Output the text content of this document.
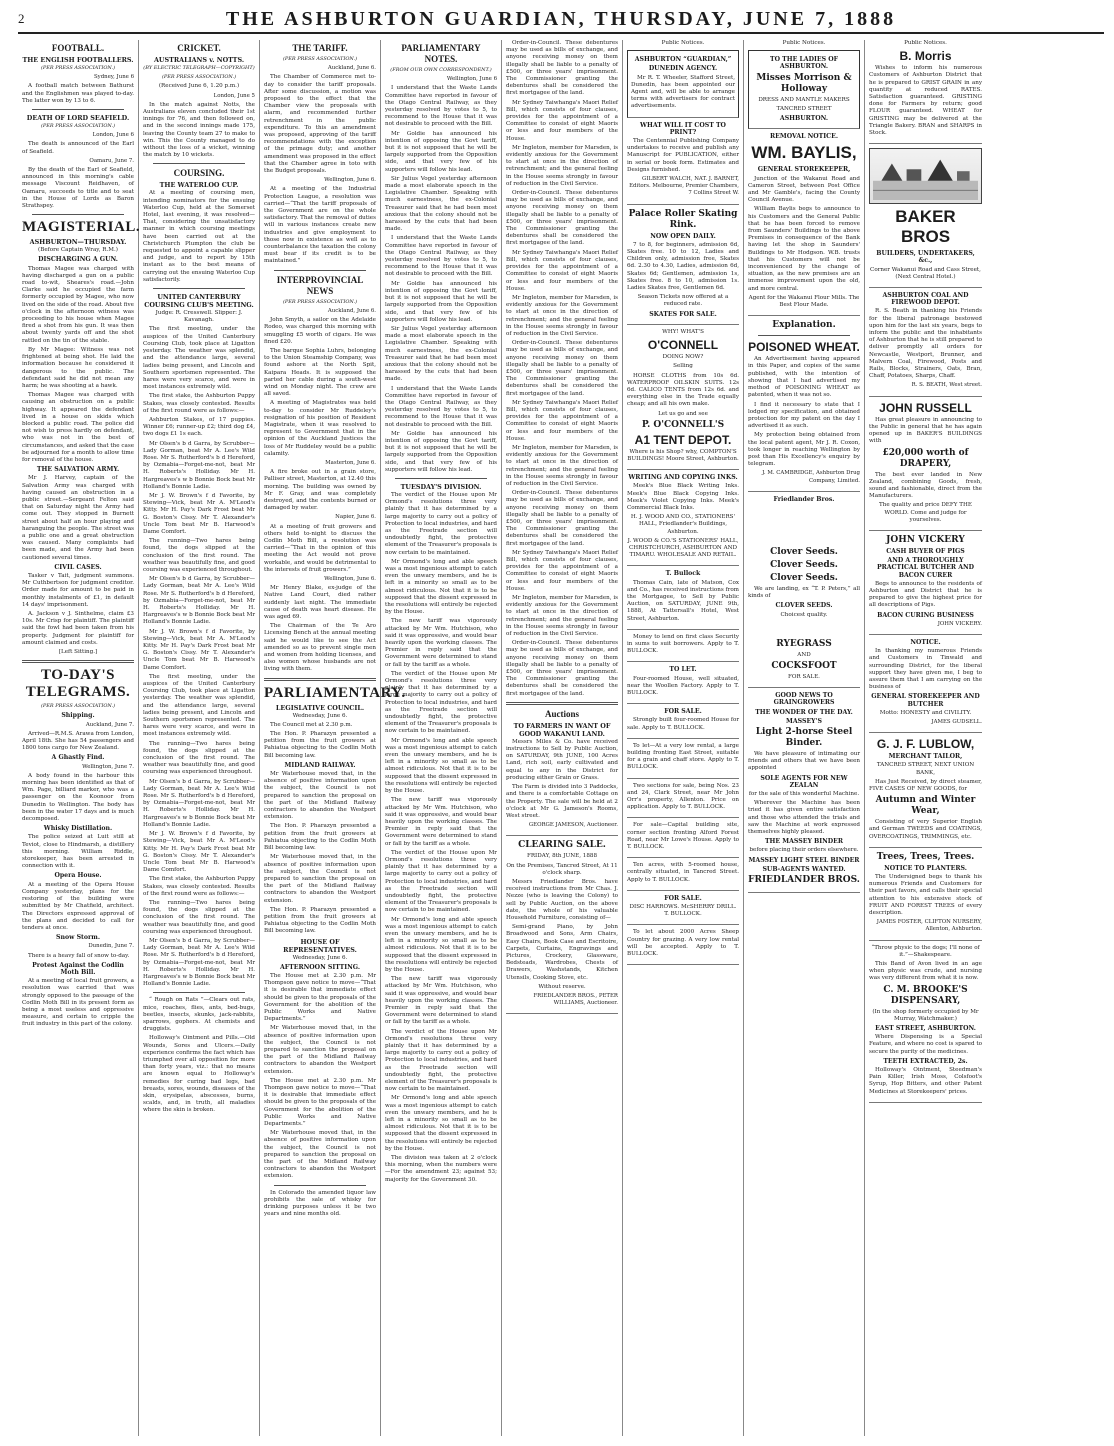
2	THE ASHBURTON GUARDIAN, THURSDAY, JUNE 7, 1888
FOOTBALL.
THE ENGLISH FOOTBALLERS.
(PER PRESS ASSOCIATION.)

Sydney, June 6

A football match between Bathurst and the Englishmen was played to-day. The latter won by 13 to 6.

DEATH OF LORD SEAFIELD.
(PER PRESS ASSOCIATION.)

London, June 6

The death is announced of the Earl of Seafield.

Oamaru, June 7.

By the death of the Earl of Seafield, announced in this morning's cable message Viscount Reidhaven, of Oamaru, succeeds to title and to seat in the House of Lords as Baron Strathspey.

MAGISTERIAL.
ASHBURTON—THURSDAY.

(Before Captain Wray, R.M.)

DISCHARGING A GUN.

Thomas Magee was charged with having discharged a gun on a public road to-wit, Sheares's road.—John Clarke said he occupied the farm formerly occupied by Magee, who now lived on the side of the road. About five o'clock in the afternoon witness was proceeding to his house when Magee fired a shot from his gun. It was then about twenty yards off and the shot rattled on the tin of the stable.

By Mr Magee: Witness was not frightened at being shot. He laid the information because he considered it dangerous to the public. The defendant said he did not mean any harm; he was shooting at a hawk.

Thomas Magee was charged with causing an obstruction on a public highway. It appeared the defendant lived in a house on skids which blocked a public road. The police did not wish to press hardly on defendant, who was not in the best of circumstances, and asked that the case be adjourned for a month to allow time for removal of the house.

THE SALVATION ARMY.

Mr J. Harvey, captain of the Salvation Army was charged with having caused an obstruction in a public street.—Sergeant Felton said that on Saturday night the Army had come out. They stopped in Burnett street about half an hour playing and haranguing the people. The street was a public one and a great obstruction was caused. Many complaints had been made, and the Army had been cautioned several times.

CIVIL CASES.

Tasker v Tait, judgment summons. Mr Cuthbertson for judgment creditor. Order made for amount to be paid in monthly instalments of £1, in default 14 days' imprisonment.

A. Jackson v J. Sinthelme, claim £3 10s. Mr Crisp for plaintiff. The plaintiff said the fowl had been taken from his property. Judgment for plaintiff for amount claimed and costs.

[Left Sitting.]

TO-DAY'S TELEGRAMS.
(PER PRESS ASSOCIATION.)
Shipping.

Auckland, June 7.

Arrived—R.M.S. Arawa from London, April 18th. She has 54 passengers and 1800 tons cargo for New Zealand.

A Ghastly Find.

Wellington, June 7.

A body found in the harbour this morning has been identified as that of Wm. Page, billiard marker, who was a passenger on the Koonoor from Dunedin to Wellington. The body has been in the water 17 days and is much decomposed.

Whisky Distillation.

The police seized at Luit still at Teviot, close to Hindmarsh, a distillery this morning. William Riddle, storekeeper, has been arrested in connection with it.

Opera House.

At a meeting of the Opera House Company yesterday, plans for the restoring of the building were submitted by Mr Chatfield, architect. The Directors expressed approval of the plans and decided to call for tenders at once.

Snow Storm.

Dunedin, June 7.

There is a heavy fall of snow to-day.

Protest Against the Codlin Moth Bill.

At a meeting of local fruit growers, a resolution was carried that was strongly opposed to the passage of the Codlin Moth Bill in its present form as being a most useless and oppressive measure, and certain to cripple the fruit industry in this part of the colony.

CRICKET.
AUSTRALIANS v. NOTTS.
(BY ELECTRIC TELEGRAPH—COPYRIGHT)
(PER PRESS ASSOCIATION.)

(Received June 6, 1.20 p.m.)

London, June 5

In the match against Notts, the Australians eleven concluded their 1st innings for 76, and then followed on, and in the second innings made 175, leaving the County team 27 to make to win. This the County managed to do without the loss of a wicket, winning the match by 10 wickets.

COURSING.
THE WATERLOO CUP.

At a meeting of coursing men, intending nominators for the ensuing Waterloo Cup, held at the Somerset Hotel, last evening, it was resolved—That, considering the unsatisfactory manner in which coursing meetings have been carried out at the Christchurch Plumpton the club be requested to appoint a capable slipper and judge, and to report by 15th instant as to the best means of carrying out the ensuing Waterloo Cup satisfactorily.

UNITED CANTERBURY COURSING CLUB'S MEETING.

Judge: R. Cresswell. Slipper: J. Kavanagh.

The first meeting, under the auspices of the United Canterbury Coursing Club, took place at Ligatton yesterday. The weather was splendid, and the attendance large, several ladies being present, and Lincoln and Southern sportsmen represented. The hares were very scarce, and were in most instances extremely wild.

The first stake, the Ashburton Puppy Stakes, was closely contested. Results of the first round were as follows:—

Ashburton Stakes, of 17 puppies. Winner £6; runner-up £2; third dog £4, two dogs £1 1s each.

Mr Olsen's b d Garra, by Scrubber—Lady Gorman, beat Mr A. Lee's Wild Rose. Mr S. Rutherford's b d Hereford, by Ozmabia—Forget-me-not, beat Mr H. Roberts's Holliday. Mr H. Hargreaves's w b Bonnie Bock beat Mr Holland's Bonnie Ladie.

Mr J. W. Brown's f d Favorite, by Stewing—Vick, beat Mr A. M'Leod's Kitty. Mr H. Pay's Dark Frost beat Mr G. Boston's Cissy. Mr T. Alexander's Uncle Tom beat Mr B. Harwood's Dame Comfort.

The running—Two hares being found, the dogs slipped at the conclusion of the first round. The weather was beautifully fine, and good coursing was experienced throughout.

Mr Olsen's b d Garra, by Scrubber—Lady Gorman, beat Mr A. Lee's Wild Rose. Mr S. Rutherford's b d Hereford, by Ozmabia—Forget-me-not, beat Mr H. Roberts's Holliday. Mr H. Hargreaves's w b Bonnie Bock beat Mr Holland's Bonnie Ladie.

Mr J. W. Brown's f d Favorite, by Stewing—Vick, beat Mr A. M'Leod's Kitty. Mr H. Pay's Dark Frost beat Mr G. Boston's Cissy. Mr T. Alexander's Uncle Tom beat Mr B. Harwood's Dame Comfort.

The first meeting, under the auspices of the United Canterbury Coursing Club, took place at Ligatton yesterday. The weather was splendid, and the attendance large, several ladies being present, and Lincoln and Southern sportsmen represented. The hares were very scarce, and were in most instances extremely wild.

The running—Two hares being found, the dogs slipped at the conclusion of the first round. The weather was beautifully fine, and good coursing was experienced throughout.

Mr Olsen's b d Garra, by Scrubber—Lady Gorman, beat Mr A. Lee's Wild Rose. Mr S. Rutherford's b d Hereford, by Ozmabia—Forget-me-not, beat Mr H. Roberts's Holliday. Mr H. Hargreaves's w b Bonnie Bock beat Mr Holland's Bonnie Ladie.

Mr J. W. Brown's f d Favorite, by Stewing—Vick, beat Mr A. M'Leod's Kitty. Mr H. Pay's Dark Frost beat Mr G. Boston's Cissy. Mr T. Alexander's Uncle Tom beat Mr B. Harwood's Dame Comfort.

The first stake, the Ashburton Puppy Stakes, was closely contested. Results of the first round were as follows:—

The running—Two hares being found, the dogs slipped at the conclusion of the first round. The weather was beautifully fine, and good coursing was experienced throughout.

Mr Olsen's b d Garra, by Scrubber—Lady Gorman, beat Mr A. Lee's Wild Rose. Mr S. Rutherford's b d Hereford, by Ozmabia—Forget-me-not, beat Mr H. Roberts's Holliday. Mr H. Hargreaves's w b Bonnie Bock beat Mr Holland's Bonnie Ladie.

“ Rough on Rats ”—Clears out rats, mice, roaches, flies, ants, bed-bugs, beetles, insects, skunks, jack-rabbits, sparrows, gophers. At chemists and druggists.

Holloway's Ointment and Pills.—Old Wounds, Sores and Ulcers.—Daily experience confirms the fact which has triumphed over all opposition for more than forty years, viz.: that no means are known equal to Holloway's remedies for curing bad legs, bad breasts, sores, wounds, diseases of the skin, erysipelas, abscesses, burns, scalds, and, in truth, all maladies where the skin is broken.

THE TARIFF.
(PER PRESS ASSOCIATION.)

Auckland, June 6.

The Chamber of Commerce met to-day to consider the tariff proposals. After some discussion, a motion was proposed to the effect that the Chamber view the proposals with alarm, and recommended further retrenchment in the public expenditure. To this an amendment was proposed, approving of the tariff recommendations with the exception of the primage duty; and another amendment was proposed in the effect that the Chamber agree in toto with the Budget proposals.

Wellington, June 6.

At a meeting of the Industrial Protection League, a resolution was carried—“That the tariff proposals of the Government are on the whole satisfactory. That the removal of duties will in various instances create new industries and give employment to those now in existence as well as to counterbalance the taxation the colony must bear if its credit is to be maintained.”

INTERPROVINCIAL NEWS
(PER PRESS ASSOCIATION.)

Auckland, June 6.

John Smyth, a sailor on the Adelaide Rodeo, was charged this morning with smuggling £5 worth of cigars. He was fined £20.

The barque Sophia Luhrs, belonging to the Union Steamship Company, was found ashore at the North Spit, Kaipara Heads. It is supposed the parted her cable during a south-west wind on Monday night. The crew are all saved.

A meeting of Magistrates was held to-day to consider Mr Ruddeley's resignation of his position of Resident Magistrate, when it was resolved to represent to Government that in the opinion of the Auckland Justices the loss of Mr Ruddeley would be a public calamity.

Masterton, June 6.

A fire broke out in a grain store, Palliser street, Masterton, at 12.40 this morning. The building was owned by Mr F. Gray, and was completely destroyed, and the contents burned or damaged by water.

Napier, June 6.

At a meeting of fruit growers and others held to-night to discuss the Codlin Moth Bill, a resolution was carried—“That in the opinion of this meeting the Act would not prove workable, and would be detrimental to the interests of fruit growers.”

Wellington, June 6.

Mr Henry Blake, ex-judge of the Native Land Court, died rather suddenly last night. The immediate cause of death was heart disease. He was aged 69.

The Chairman of the Te Aro Licensing Bench at the annual meeting said he would like to see the Act amended so as to prevent single men and women from holding licenses, and also women whose husbands are not living with them.

PARLIAMENTARY.
LEGISLATIVE COUNCIL.

Wednesday, June 6.

The Council met at 2.30 p.m.

The Hon. P. Pharazyn presented a petition from the fruit growers at Pahiatua objecting to the Codlin Moth Bill becoming law.

MIDLAND RAILWAY.

Mr Waterhouse moved that, in the absence of positive information upon the subject, the Council is not prepared to sanction the proposal on the part of the Midland Railway contractors to abandon the Westport extension.

The Hon. P. Pharazyn presented a petition from the fruit growers at Pahiatua objecting to the Codlin Moth Bill becoming law.

Mr Waterhouse moved that, in the absence of positive information upon the subject, the Council is not prepared to sanction the proposal on the part of the Midland Railway contractors to abandon the Westport extension.

The Hon. P. Pharazyn presented a petition from the fruit growers at Pahiatua objecting to the Codlin Moth Bill becoming law.

HOUSE OF REPRESENTATIVES.

Wednesday, June 6.

AFTERNOON SITTING.

The House met at 2.30 p.m. Mr Thompson gave notice to move—“That it is desirable that immediate effect should be given to the proposals of the Government for the abolition of the Public Works and Native Departments.”

Mr Waterhouse moved that, in the absence of positive information upon the subject, the Council is not prepared to sanction the proposal on the part of the Midland Railway contractors to abandon the Westport extension.

The House met at 2.30 p.m. Mr Thompson gave notice to move—“That it is desirable that immediate effect should be given to the proposals of the Government for the abolition of the Public Works and Native Departments.”

Mr Waterhouse moved that, in the absence of positive information upon the subject, the Council is not prepared to sanction the proposal on the part of the Midland Railway contractors to abandon the Westport extension.

In Colorado the amended liquor law prohibits the sale of whisky for drinking purposes unless it be two years and nine months old.

PARLIAMENTARY NOTES.
(FROM OUR OWN CORRESPONDENT.)

Wellington, June 6

I understand that the Waste Lands Committee have reported in favour of the Otago Central Railway, as they yesterday resolved by votes to 5, to recommend to the House that it was not desirable to proceed with the Bill.

Mr Goldie has announced his intention of opposing the Govt tariff, but it is not supposed that he will be largely supported from the Opposition side, and that very few of his supporters will follow his lead.

Sir Julius Vogel yesterday afternoon made a most elaborate speech in the Legislative Chamber. Speaking with much earnestness, the ex-Colonial Treasurer said that he had been most anxious that the colony should not be harassed by the cuts that had been made.

I understand that the Waste Lands Committee have reported in favour of the Otago Central Railway, as they yesterday resolved by votes to 5, to recommend to the House that it was not desirable to proceed with the Bill.

Mr Goldie has announced his intention of opposing the Govt tariff, but it is not supposed that he will be largely supported from the Opposition side, and that very few of his supporters will follow his lead.

Sir Julius Vogel yesterday afternoon made a most elaborate speech in the Legislative Chamber. Speaking with much earnestness, the ex-Colonial Treasurer said that he had been most anxious that the colony should not be harassed by the cuts that had been made.

I understand that the Waste Lands Committee have reported in favour of the Otago Central Railway, as they yesterday resolved by votes to 5, to recommend to the House that it was not desirable to proceed with the Bill.

Mr Goldie has announced his intention of opposing the Govt tariff, but it is not supposed that he will be largely supported from the Opposition side, and that very few of his supporters will follow his lead.

TUESDAY'S DIVISION.

The verdict of the House upon Mr Ormond's resolutions three very plainly that it has determined by a large majority to carry out a policy of Protection to local industries, and hard as the Freetrade section will undoubtedly fight, the protective element of the Treasurer's proposals is now certain to be maintained.

Mr Ormond's long and able speech was a most ingenious attempt to catch even the unwary members, and he is left in a minority so small as to be almost ridiculous. Not that it is to be supposed that the dissent expressed in the resolutions will entirely be rejected by the House.

The new tariff was vigorously attacked by Mr Wm. Hutchison, who said it was oppressive, and would bear heavily upon the working classes. The Premier in reply said that the Government were determined to stand or fall by the tariff as a whole.

The verdict of the House upon Mr Ormond's resolutions three very plainly that it has determined by a large majority to carry out a policy of Protection to local industries, and hard as the Freetrade section will undoubtedly fight, the protective element of the Treasurer's proposals is now certain to be maintained.

Mr Ormond's long and able speech was a most ingenious attempt to catch even the unwary members, and he is left in a minority so small as to be almost ridiculous. Not that it is to be supposed that the dissent expressed in the resolutions will entirely be rejected by the House.

The new tariff was vigorously attacked by Mr Wm. Hutchison, who said it was oppressive, and would bear heavily upon the working classes. The Premier in reply said that the Government were determined to stand or fall by the tariff as a whole.

The verdict of the House upon Mr Ormond's resolutions three very plainly that it has determined by a large majority to carry out a policy of Protection to local industries, and hard as the Freetrade section will undoubtedly fight, the protective element of the Treasurer's proposals is now certain to be maintained.

Mr Ormond's long and able speech was a most ingenious attempt to catch even the unwary members, and he is left in a minority so small as to be almost ridiculous. Not that it is to be supposed that the dissent expressed in the resolutions will entirely be rejected by the House.

The new tariff was vigorously attacked by Mr Wm. Hutchison, who said it was oppressive, and would bear heavily upon the working classes. The Premier in reply said that the Government were determined to stand or fall by the tariff as a whole.

The verdict of the House upon Mr Ormond's resolutions three very plainly that it has determined by a large majority to carry out a policy of Protection to local industries, and hard as the Freetrade section will undoubtedly fight, the protective element of the Treasurer's proposals is now certain to be maintained.

Mr Ormond's long and able speech was a most ingenious attempt to catch even the unwary members, and he is left in a minority so small as to be almost ridiculous. Not that it is to be supposed that the dissent expressed in the resolutions will entirely be rejected by the House.

The division was taken at 2 o'clock this morning, when the numbers were—For the amendment 23; against 53; majority for the Government 30.

Order-in-Council. These debentures may be used as bills of exchange, and anyone receiving money on them illegally shall be liable to a penalty of £500, or three years' imprisonment. The Commissioner granting the debentures shall be considered the first mortgagee of the land.

Mr Sydney Taiwhanga's Maori Relief Bill, which consists of four clauses, provides for the appointment of a Committee to consist of eight Maoris or less and four members of the House.

Mr Ingleton, member for Marsden, is evidently anxious for the Government to start at once in the direction of retrenchment; and the general feeling in the House seems strongly in favour of reduction in the Civil Service.

Order-in-Council. These debentures may be used as bills of exchange, and anyone receiving money on them illegally shall be liable to a penalty of £500, or three years' imprisonment. The Commissioner granting the debentures shall be considered the first mortgagee of the land.

Mr Sydney Taiwhanga's Maori Relief Bill, which consists of four clauses, provides for the appointment of a Committee to consist of eight Maoris or less and four members of the House.

Mr Ingleton, member for Marsden, is evidently anxious for the Government to start at once in the direction of retrenchment; and the general feeling in the House seems strongly in favour of reduction in the Civil Service.

Order-in-Council. These debentures may be used as bills of exchange, and anyone receiving money on them illegally shall be liable to a penalty of £500, or three years' imprisonment. The Commissioner granting the debentures shall be considered the first mortgagee of the land.

Mr Sydney Taiwhanga's Maori Relief Bill, which consists of four clauses, provides for the appointment of a Committee to consist of eight Maoris or less and four members of the House.

Mr Ingleton, member for Marsden, is evidently anxious for the Government to start at once in the direction of retrenchment; and the general feeling in the House seems strongly in favour of reduction in the Civil Service.

Order-in-Council. These debentures may be used as bills of exchange, and anyone receiving money on them illegally shall be liable to a penalty of £500, or three years' imprisonment. The Commissioner granting the debentures shall be considered the first mortgagee of the land.

Mr Sydney Taiwhanga's Maori Relief Bill, which consists of four clauses, provides for the appointment of a Committee to consist of eight Maoris or less and four members of the House.

Mr Ingleton, member for Marsden, is evidently anxious for the Government to start at once in the direction of retrenchment; and the general feeling in the House seems strongly in favour of reduction in the Civil Service.

Order-in-Council. These debentures may be used as bills of exchange, and anyone receiving money on them illegally shall be liable to a penalty of £500, or three years' imprisonment. The Commissioner granting the debentures shall be considered the first mortgagee of the land.

Auctions
TO FARMERS IN WANT OF GOOD WAKANUI LAND.

Messrs Miles & Co. have received instructions to Sell by Public Auction, on SATURDAY, 9th JUNE, 100 Acres Land, rich soil, early cultivated and equal to any in the District for producing either Grain or Grass.

The Farm is divided into 3 Paddocks, and there is a comfortable Cottage on the Property. The sale will be held at 2 o'clock at Mr G. Jameson's Rooms, West street.

GEORGE JAMESON, Auctioneer.

CLEARING SALE.

FRIDAY, 8th JUNE, 1888

On the Premises, Tancred Street, At 11 o'clock sharp.

Messrs Friedlander Bros. have received instructions from Mr Chas. J. Nezze (who is leaving the Colony) to sell by Public Auction, on the above date, the whole of his valuable Household Furniture, consisting of—

Semi-grand Piano, by John Broadwood and Sons, Arm Chairs, Easy Chairs, Book Case and Escritoire, Carpets, Curtains, Engravings and Pictures, Crockery, Glassware, Bedsteads, Wardrobes, Chests of Drawers, Washstands, Kitchen Utensils, Cooking Stove, etc.

Without reserve.

FRIEDLANDER BROS., PETER WILLIAMS, Auctioneer.

Public Notices.

ASHBURTON “GUARDIAN,”
DUNEDIN AGENCY.

Mr R. T. Wheeler, Stafford Street, Dunedin, has been appointed our Agent and, will be able to arrange terms with advertisers for contract advertisements.

WHAT WILL IT COST TO PRINT?

The Centennial Publishing Company undertakes to receive and publish any Manuscript for PUBLICATION, either in serial or book form. Estimates and Designs furnished.

GILBERT WALCH, NAT. J. BARNET, Editors. Melbourne, Premier Chambers, 7 Collins Street W.

Palace Roller Skating Rink.
NOW OPEN DAILY.

7 to 8, for beginners, admission 6d, Skates free. 10 to 12, Ladies and Children only, admission free, Skates 6d. 2.30 to 4.30, Ladies, admission 6d, Skates 6d; Gentlemen, admission 1s, Skates free. 8 to 10, admission 1s. Ladies Skates free, Gentlemen 6d.

Season Tickets now offered at a reduced rate.

SKATES FOR SALE.

WHY! WHAT'S

O'CONNELL

DOING NOW?

Selling

HORSE CLOTHS from 10s 6d. WATERPROOF OILSKIN SUITS. 12s 6d. CALICO TENTS from 12s 6d. and everything else in the Trade equally cheap; and all his own make.

Let us go and see

P. O'CONNELL'S
A1 TENT DEPOT.

Where is his Shop? why, COMPTON'S BUILDINGS! Moore Street, Ashburton.

WRITING AND COPYING INKS.

Meek's Blue Black Writing Inks. Meek's Blue Black Copying Inks. Meek's Violet Copying Inks. Meek's Commercial Black Inks.

H. J. WOOD AND CO., STATIONERS' HALL, Friedlander's Buildings, Ashburton.

J. WOOD & CO.'S STATIONERS' HALL, CHRISTCHURCH, ASHBURTON AND TIMARU. WHOLESALE AND RETAIL.

T. Bullock

Thomas Cain, late of Matson, Cox and Co., has received instructions from the Mortgagee, to Sell by Public Auction, on SATURDAY, JUNE 9th, 1888, At Tattersall's Hotel, West Street, Ashburton.

Money to lend on first class Security in sums to suit borrowers. Apply to T. BULLOCK.

TO LET.

Four-roomed House, well situated, near the Woollen Factory. Apply to T. BULLOCK.

FOR SALE.

Strongly built four-roomed House for sale. Apply to T. BULLOCK.

To let—At a very low rental, a large building fronting East Street, suitable for a grain and chaff store. Apply to T. BULLOCK.

Two sections for sale, being Nos. 23 and 24, Clark Street, near Mr John Orr's property, Allenton. Price on application. Apply to T. BULLOCK.

For sale—Capital building site, corner section fronting Alford Forest Road, near Mr Lowe's House. Apply to T. BULLOCK.

Ten acres, with 5-roomed house, centrally situated, in Tancred Street. Apply to T. BULLOCK.

FOR SALE.

DISC HARROWS. McSHERRY DRILL. T. BULLOCK.

To let about 2000 Acres Sheep Country for grazing. A very low rental will be accepted. Apply to T. BULLOCK.

Public Notices.

TO THE LADIES OF ASHBURTON.
Misses Morrison & Holloway

DRESS AND MANTLE MAKERS

TANCRED STREET

ASHBURTON.
REMOVAL NOTICE.
WM. BAYLIS,
GENERAL STOREKEEPER,

Junction of the Wakanui Road and Cameron Street, between Post Office and Mr Gamble's, facing the County Council Avenue.

William Baylis begs to announce to his Customers and the General Public that he has been forced to remove from Saunders' Buildings to the above Premises in consequence of the Bank having let the shop in Saunders' Buildings to Mr Hodgson. W.B. trusts that his Customers will not be inconvenienced by the change of situation, as the new premises are an immense improvement upon the old, and more central.

Agent for the Wakanui Flour Mills. The Best Flour Made.

Explanation.
POISONED WHEAT.

An Advertisement having appeared in this Paper, and copies of the same published, with the intention of showing that I had advertised my method of POISONING WHEAT as patented, when it was not so.

I find it necessary to state that I lodged my specification, and obtained protection for my patent on the day I advertised it as such.

My protection being obtained from the local patent agent, Mr J. R. Coxon, took longer in reaching Wellington by post than His Excellency's enquiry by telegram.

J. M. CAMBRIDGE, Ashburton Drug Company, Limited.

Friedlander Bros.
Clover Seeds.
Clover Seeds.
Clover Seeds.

We are landing, ex “T. P. Peters,” all kinds of

CLOVER SEEDS.

Choicest quality.

RYEGRASS

AND

COCKSFOOT

FOR SALE.

GOOD NEWS TO GRAINGROWERS
THE WONDER OF THE DAY.
MASSEY'S
Light 2-horse Steel Binder.

We have pleasure of intimating our friends and others that we have been appointed

SOLE AGENTS FOR NEW ZEALAN

for the sale of this wonderful Machine.

Wherever the Machine has been tried it has given entire satisfaction and those who attended the trials and saw the Machine at work expressed themselves highly pleased.

THE MASSEY BINDER

before placing their orders elsewhere.

MASSEY LIGHT STEEL BINDER
SUB-AGENTS WANTED.
FRIEDLANDER BROS.

Public Notices.

B. Morris

Wishes to inform his numerous Customers of Ashburton District that he is prepared to GRIST GRAIN in any quantity at reduced RATES. Satisfaction guaranteed. GRISTING done for Farmers by return; good FLOUR guaranteed. WHEAT for GRISTING may be delivered at the Triangle Bakery. BRAN and SHARPS in Stock.

BAKER BROS
BUILDERS, UNDERTAKERS, &c.,

Corner Wakanui Road and Cass Street, (Next Central Hotel.)

ASHBURTON COAL AND FIREWOOD DEPOT.

R. S. Beath in thanking his Friends for the liberal patronage bestowed upon him for the last six years, begs to inform the public and the inhabitants of Ashburton that he is still prepared to deliver promptly all orders for Newcastle, Westport, Brunner, and Malvern Coal, Firewood, Posts and Rails, Blocks, Strainers, Oats, Bran, Chaff, Potatoes, Sharps, Chaff.

R. S. BEATH, West street.

JOHN RUSSELL

Has great pleasure in announcing to the Public in general that he has again opened up in BAKER'S BUILDINGS with

£20,000 worth of DRAPERY,

The best ever landed in New Zealand, combining Goods, fresh, sound and fashionable, direct from the Manufacturers.

The quality and price DEFY THE WORLD. Come and judge for yourselves.

JOHN VICKERY
CASH BUYER OF PIGS
AND A THOROUGHLY PRACTICAL BUTCHER AND BACON CURER

Begs to announce to the residents of Ashburton and District that he is prepared to give the highest price for all descriptions of Pigs.

BACON CURING BUSINESS

JOHN VICKERY.

NOTICE.

In thanking my numerous Friends and Customers in Tinwald and surrounding District, for the liberal support they have given me, I beg to assure them that I am carrying on the business of

GENERAL STOREKEEPER AND BUTCHER

Motto: HONESTY and CIVILITY.

JAMES GUDSELL.

G. J. F. LUBLOW,
MERCHANT TAILOR,

TANCRED STREET, NEXT UNION BANK,

Has Just Received, by direct steamer, FIVE CASES OF NEW GOODS, for

Autumn and Winter Wear,

Consisting of very Superior English and German TWEEDS and COATINGS, OVERCOATINGS, TRIMMINGS, etc.

Trees, Trees, Trees.
NOTICE TO PLANTERS.

The Undersigned begs to thank his numerous Friends and Customers for their past favors, and calls their special attention to his extensive stock of FRUIT AND FOREST TREES of every description.

JAMES FOSTER, CLIFTON NURSERY, Allenton, Ashburton.

“Throw physic to the dogs; I'll none of it.”—Shakespeare.

This Band of Avon lived in an age when physic was crude, and nursing was very different from what it is now.

C. M. BROOKE'S DISPENSARY,

(In the shop formerly occupied by Mr Murray, Watchmaker.)

EAST STREET, ASHBURTON.

Where Dispensing is a Special Feature, and where no cost is spared to secure the purity of the medicines.

TEETH EXTRACTED, 2s.

Holloway's Ointment, Steedman's Pain Killer, Irish Moss, Colsfoot's Syrup, Hop Bitters, and other Patent Medicines at Storekeepers' prices.
